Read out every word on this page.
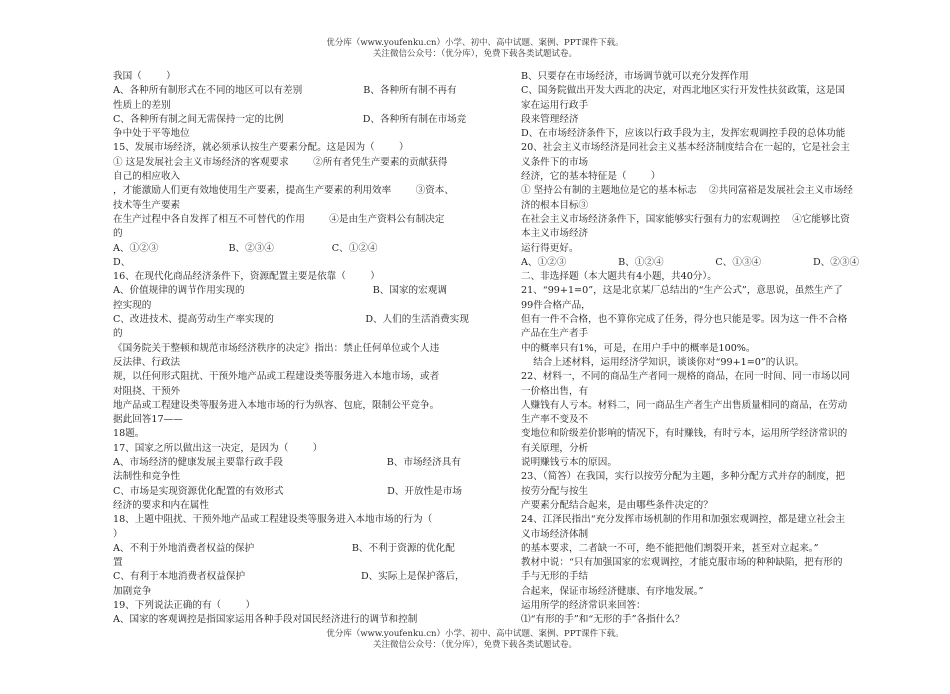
优分库（www.youfenku.cn）小学、初中、高中试题、案例、PPT课件下载。
关注微信公众号：（优分库），免费下载各类试题试卷。
我国（        ）
A、各种所有制形式在不同的地区可以有差别                    B、各种所有制不再有
性质上的差别
C、各种所有制之间无需保持一定的比例                          D、各种所有制在市场竞
争中处于平等地位
15、发展市场经济，就必须承认按生产要素分配。这是因为（        ）
① 这是发展社会主义市场经济的客观要求        ②所有者凭生产要素的贡献获得
自己的相应收入
，才能激励人们更有效地使用生产要素，提高生产要素的利用效率        ③资本、
技术等生产要素
在生产过程中各自发挥了相互不可替代的作用        ④是由生产资料公有制决定
的
A、①②③                       B、②③④                   C、①②④
D、
16、在现代化商品经济条件下，资源配置主要是依靠（        ）
A、价值规律的调节作用实现的                                          B、国家的宏观调
控实现的
C、改进技术、提高劳动生产率实现的                              D、人们的生活消费实现
的
《国务院关于整顿和规范市场经济秩序的决定》指出：禁止任何单位或个人违
反法律、行政法
规，以任何形式阻扰、干预外地产品或工程建设类等服务进入本地市场，或者
对阻挠、干预外
地产品或工程建设类等服务进入本地市场的行为纵容、包庇，限制公平竞争。
据此回答17——
18题。
17、国家之所以做出这一决定，是因为（        ）
A、市场经济的健康发展主要靠行政手段                                  B、市场经济具有
法制性和竞争性
C、市场是实现资源优化配置的有效形式                                  D、开放性是市场
经济的要求和内在属性
18、上题中阻扰、干预外地产品或工程建设类等服务进入本地市场的行为（
）
A、不利于外地消费者权益的保护                                B、不利于资源的优化配
置
C、有利于本地消费者权益保护                                      D、实际上是保护落后，
加剧竞争
19、下列说法正确的有（        ）
A、国家的客观调控是指国家运用各种手段对国民经济进行的调节和控制
B、只要存在市场经济，市场调节就可以充分发挥作用
C、国务院做出开发大西北的决定，对西北地区实行开发性扶贫政策，这是国
家在运用行政手
段来管理经济
D、在市场经济条件下，应该以行政手段为主，发挥宏观调控手段的总体功能
20、社会主义市场经济是同社会主义基本经济制度结合在一起的，它是社会主
义条件下的市场
经济，它的基本特征是（        ）
① 坚持公有制的主题地位是它的基本标志    ②共同富裕是发展社会主义市场经
济的根本目标③
在社会主义市场经济条件下，国家能够实行强有力的宏观调控    ④它能够比资
本主义市场经济
运行得更好。
A、①②③                 B、①②④                 C、①③④                 D、②③④
二、非选择题（本大题共有4小题，共40分）。
21、“99+1=0”，这是北京某厂总结出的“生产公式”，意思说，虽然生产了
99件合格产品，
但有一件不合格，也不算你完成了任务，得分也只能是零。因为这一件不合格
产品在生产者手
中的概率只有1%，可是，在用户手中的概率是100%。
结合上述材料，运用经济学知识，谈谈你对“99+1=0”的认识。
22、材料一，不同的商品生产者同一规格的商品，在同一时间、同一市场以同
一价格出售，有
人赚钱有人亏本。材料二，同一商品生产者生产出售质量相同的商品，在劳动
生产率不变及不
变地位和阶级差价影响的情况下，有时赚钱，有时亏本，运用所学经济常识的
有关原理，分析
说明赚钱亏本的原因。
23、（简答）在我国，实行以按劳分配为主题，多种分配方式并存的制度，把
按劳分配与按生
产要素分配结合起来，是由哪些条件决定的？
24、江泽民指出“充分发挥市场机制的作用和加强宏观调控，都是建立社会主
义市场经济体制
的基本要求，二者缺一不可，绝不能把他们割裂开来，甚至对立起来。”
教材中说：“只有加强国家的宏观调控，才能克服市场的种种缺陷，把有形的
手与无形的手结
合起来，保证市场经济健康、有序地发展。”
运用所学的经济常识来回答：
⑴“有形的手”和“无形的手”各指什么？
优分库（www.youfenku.cn）小学、初中、高中试题、案例、PPT课件下载。
关注微信公众号：（优分库），免费下载各类试题试卷。
